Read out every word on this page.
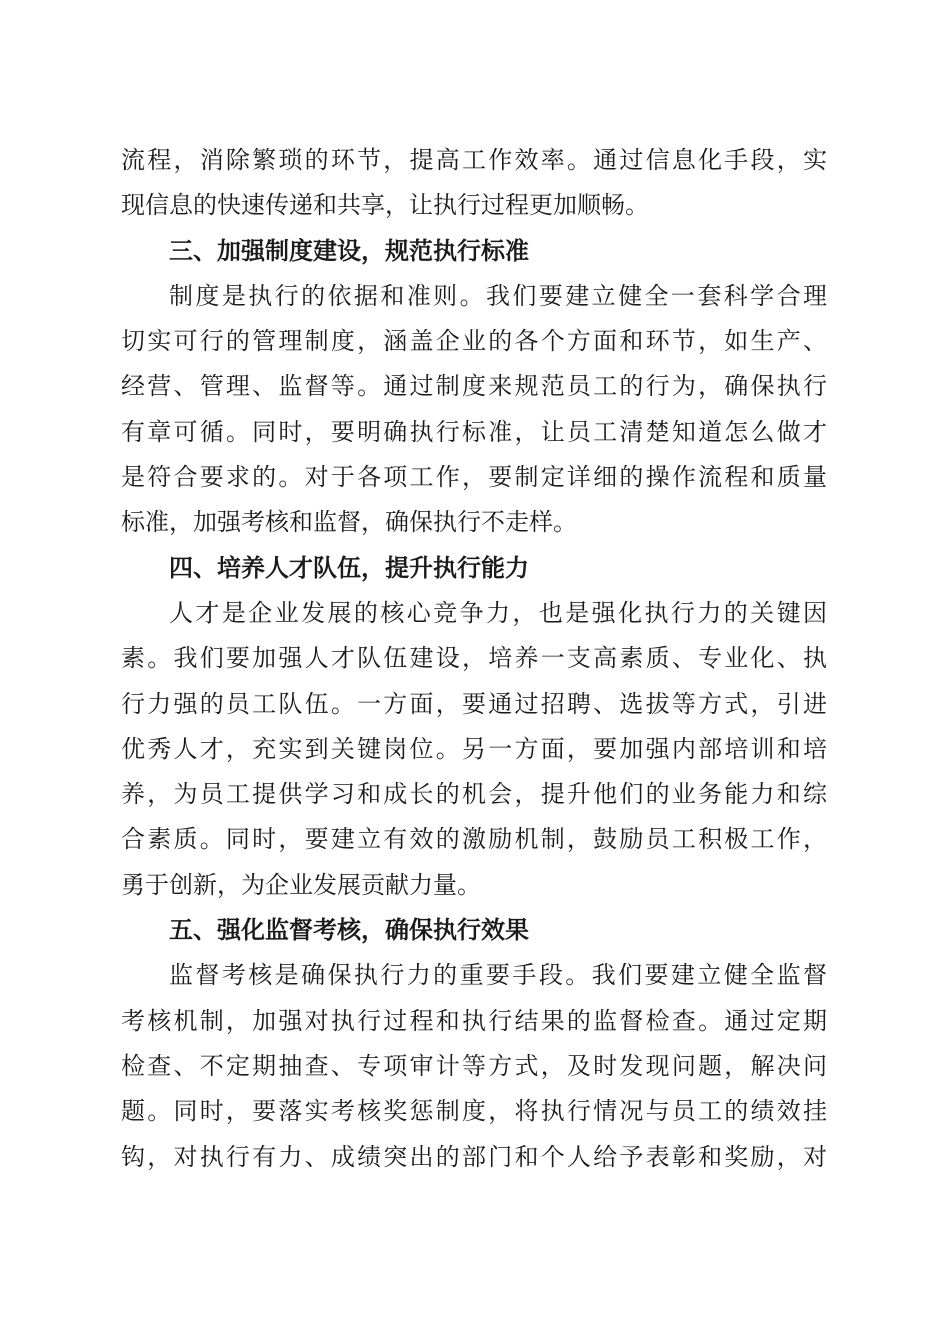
流程，消除繁琐的环节，提高工作效率。通过信息化手段，实
现信息的快速传递和共享，让执行过程更加顺畅。
三、加强制度建设，规范执行标准
制度是执行的依据和准则。我们要建立健全一套科学合理
切实可行的管理制度，涵盖企业的各个方面和环节，如生产、
经营、管理、监督等。通过制度来规范员工的行为，确保执行
有章可循。同时，要明确执行标准，让员工清楚知道怎么做才
是符合要求的。对于各项工作，要制定详细的操作流程和质量
标准，加强考核和监督，确保执行不走样。
四、培养人才队伍，提升执行能力
人才是企业发展的核心竞争力，也是强化执行力的关键因
素。我们要加强人才队伍建设，培养一支高素质、专业化、执
行力强的员工队伍。一方面，要通过招聘、选拔等方式，引进
优秀人才，充实到关键岗位。另一方面，要加强内部培训和培
养，为员工提供学习和成长的机会，提升他们的业务能力和综
合素质。同时，要建立有效的激励机制，鼓励员工积极工作，
勇于创新，为企业发展贡献力量。
五、强化监督考核，确保执行效果
监督考核是确保执行力的重要手段。我们要建立健全监督
考核机制，加强对执行过程和执行结果的监督检查。通过定期
检查、不定期抽查、专项审计等方式，及时发现问题，解决问
题。同时，要落实考核奖惩制度，将执行情况与员工的绩效挂
钩，对执行有力、成绩突出的部门和个人给予表彰和奖励，对
